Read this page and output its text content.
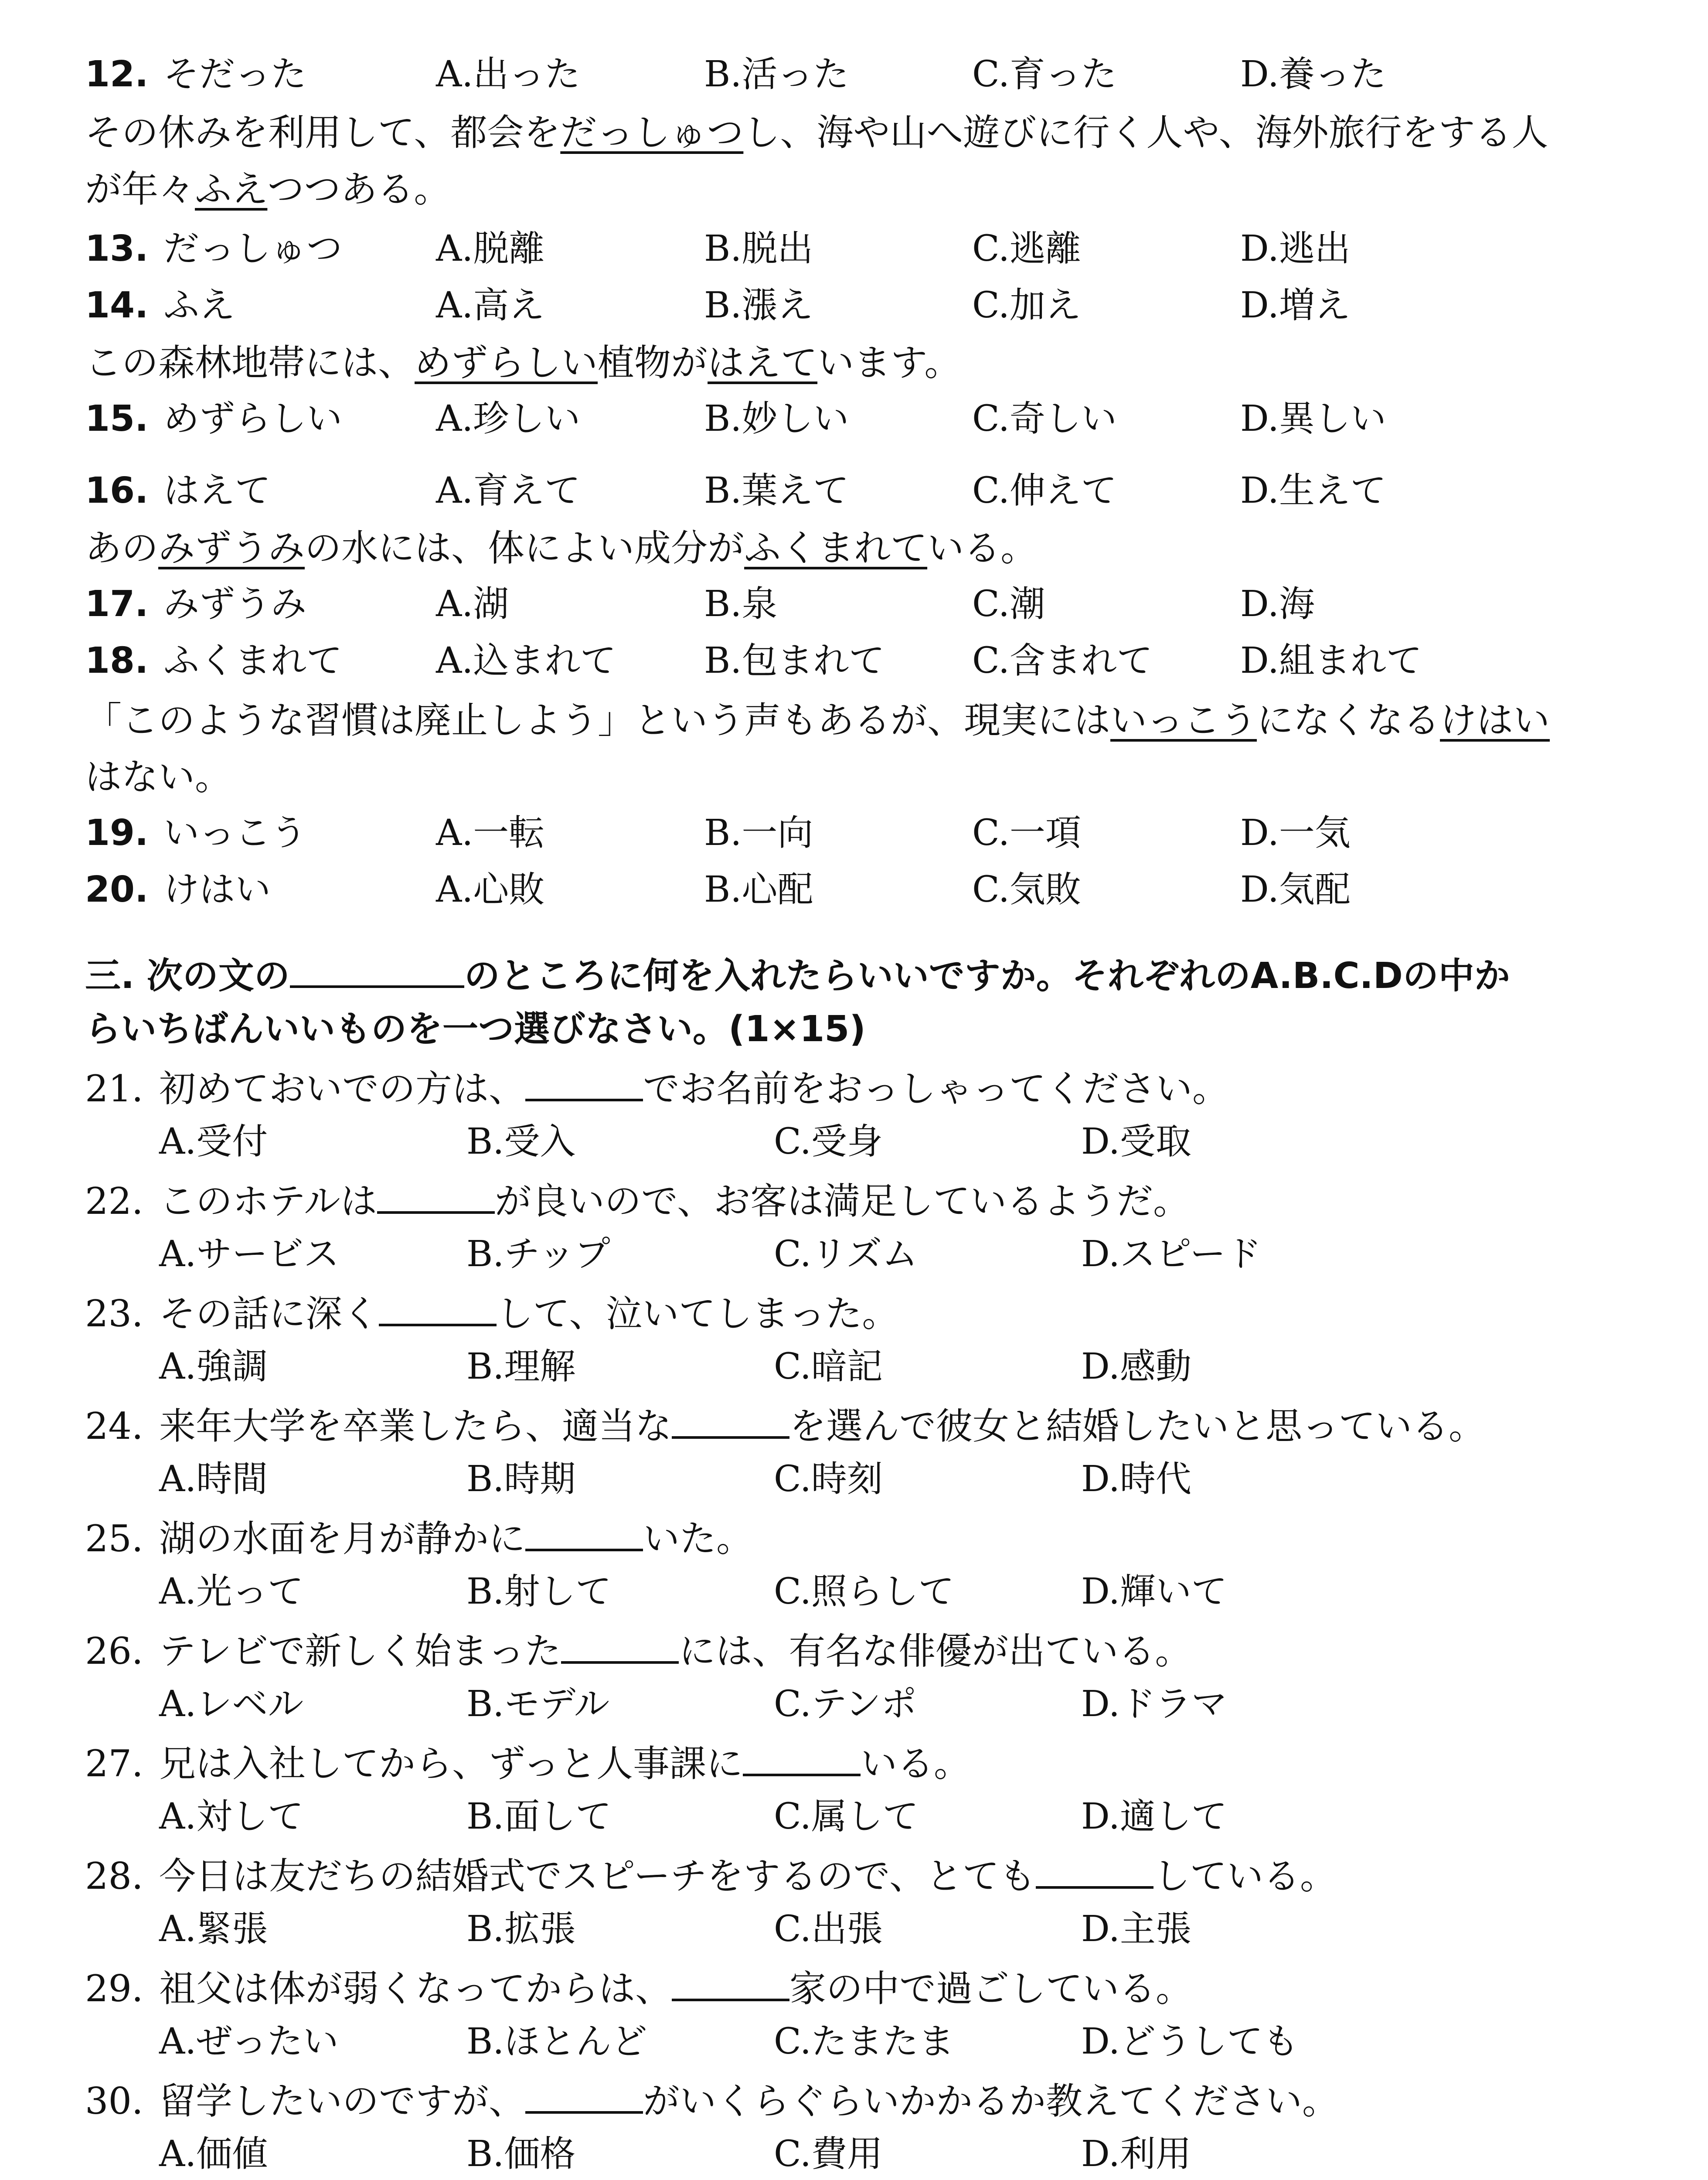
12. そだった	A.出った	B.活った	C.育った	D.養った
その休みを利用して、都会をだっしゅつし、海や山へ遊びに行く人や、海外旅行をする人
が年々ふえつつある。
13. だっしゅつ	A.脱離	B.脱出	C.逃離	D.逃出
14. ふえ	A.高え	B.漲え	C.加え	D.増え
この森林地帯には、めずらしい植物がはえています。
15. めずらしい	A.珍しい	B.妙しい	C.奇しい	D.異しい
16. はえて	A.育えて	B.葉えて	C.伸えて	D.生えて
あのみずうみの水には、体によい成分がふくまれている。
17. みずうみ	A.湖	B.泉	C.潮	D.海
18. ふくまれて	A.込まれて B.包まれて C.含まれて D.組まれて
「このような習慣は廃止しよう」という声もあるが、現実にはいっこうになくなるけはい
はない。
19. いっこう	A.一転	B.一向	C.一項	D.一気
20. けはい	A.心敗	B.心配	C.気敗	D.気配
三. 次の文の	のところに何を入れたらいいですか。それぞれのA.B.C.Dの中か
らいちばんいいものを一つ選びなさい。(1×15)
21. 初めておいでの方は、	でお名前をおっしゃってください。
A.受付	B.受入	C.受身	D.受取
22. このホテルは	が良いので、お客は満足しているようだ。
A.サービス	B.チップ	C.リズム	D.スピード
23. その話に深く	して、泣いてしまった。
A.強調	B.理解	C.暗記	D.感動
24. 来年大学を卒業したら、適当な	を選んで彼女と結婚したいと思っている。
A.時間	B.時期	C.時刻	D.時代
25. 湖の水面を月が静かに	いた。
A.光って	B.射して	C.照らして	D.輝いて
26. テレビで新しく始まった	には、有名な俳優が出ている。
A.レベル	B.モデル	C.テンポ	D.ドラマ
27. 兄は入社してから、ずっと人事課に	いる。
A.対して	B.面して	C.属して	D.適して
28. 今日は友だちの結婚式でスピーチをするので、とても	している。
A.緊張	B.拡張	C.出張	D.主張
29. 祖父は体が弱くなってからは、	家の中で過ごしている。
A.ぜったい	B.ほとんど	C.たまたま	D.どうしても
30. 留学したいのですが、	がいくらぐらいかかるか教えてください。
A.価値	B.価格	C.費用	D.利用
